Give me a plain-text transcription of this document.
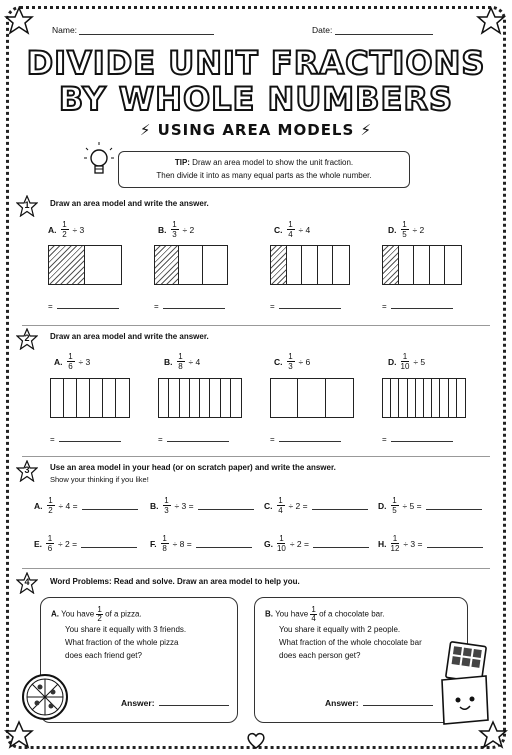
Name:	Date:
DIVIDE UNIT FRACTIONS
BY WHOLE NUMBERS
⚡ USING AREA MODELS ⚡
TIP: Draw an area model to show the unit fraction.
Then divide it into as many equal parts as the whole number.
1	Draw an area model and write the answer.
A. $\frac{1}{2} \div 3$	B. $\frac{1}{3} \div 2$	C. $\frac{1}{4} \div 4$	D. $\frac{1}{5} \div 2$
=	=	=	=
2	Draw an area model and write the answer.
A. $\frac{1}{6} \div 3$	B. $\frac{1}{8} \div 4$	C. $\frac{1}{3} \div 6$	D. $\frac{1}{10} \div 5$
=	=	=	=
3	Use an area model in your head (or on scratch paper) and write the answer.
Show your thinking if you like!
A. $\frac{1}{2} \div 4$ =	B. $\frac{1}{3} \div 3$ =	C. $\frac{1}{4} \div 2$ =	D. $\frac{1}{5} \div 5$ =
E. $\frac{1}{6} \div 2$ =	F. $\frac{1}{8} \div 8$ =	G. $\frac{1}{10} \div 2$ =	H. $\frac{1}{12} \div 3$ =
4	Word Problems: Read and solve. Draw an area model to help you.
A. You have $\frac{1}{2}$ of a pizza.
You share it equally with 3 friends.
What fraction of the whole pizza
does each friend get?
Answer:
B. You have $\frac{1}{4}$ of a chocolate bar.
You share it equally with 2 people.
What fraction of the whole chocolate bar
does each person get?
Answer:
